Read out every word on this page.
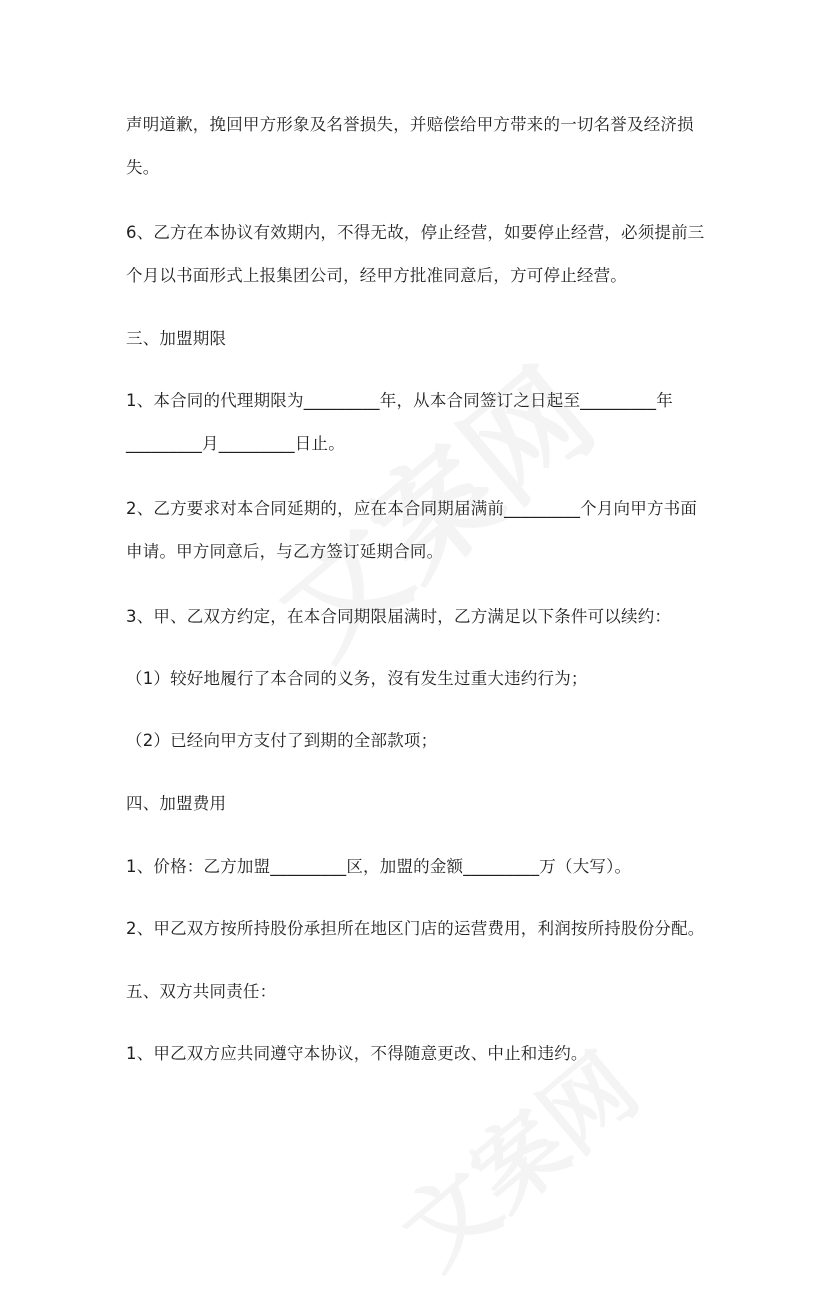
声明道歉，挽回甲方形象及名誉损失，并赔偿给甲方带来的一切名誉及经济损
失。
6、乙方在本协议有效期内，不得无故，停止经营，如要停止经营，必须提前三
个月以书面形式上报集团公司，经甲方批准同意后，方可停止经营。
三、加盟期限
1、本合同的代理期限为_________年，从本合同签订之日起至_________年
_________月_________日止。
2、乙方要求对本合同延期的，应在本合同期届满前_________个月向甲方书面
申请。甲方同意后，与乙方签订延期合同。
3、甲、乙双方约定，在本合同期限届满时，乙方满足以下条件可以续约：
（1）较好地履行了本合同的义务，沒有发生过重大违约行为；
（2）已经向甲方支付了到期的全部款项；
四、加盟费用
1、价格：乙方加盟_________区，加盟的金额_________万（大写）。
2、甲乙双方按所持股份承担所在地区门店的运营费用，利润按所持股份分配。
五、双方共同责任：
1、甲乙双方应共同遵守本协议，不得随意更改、中止和违约。
